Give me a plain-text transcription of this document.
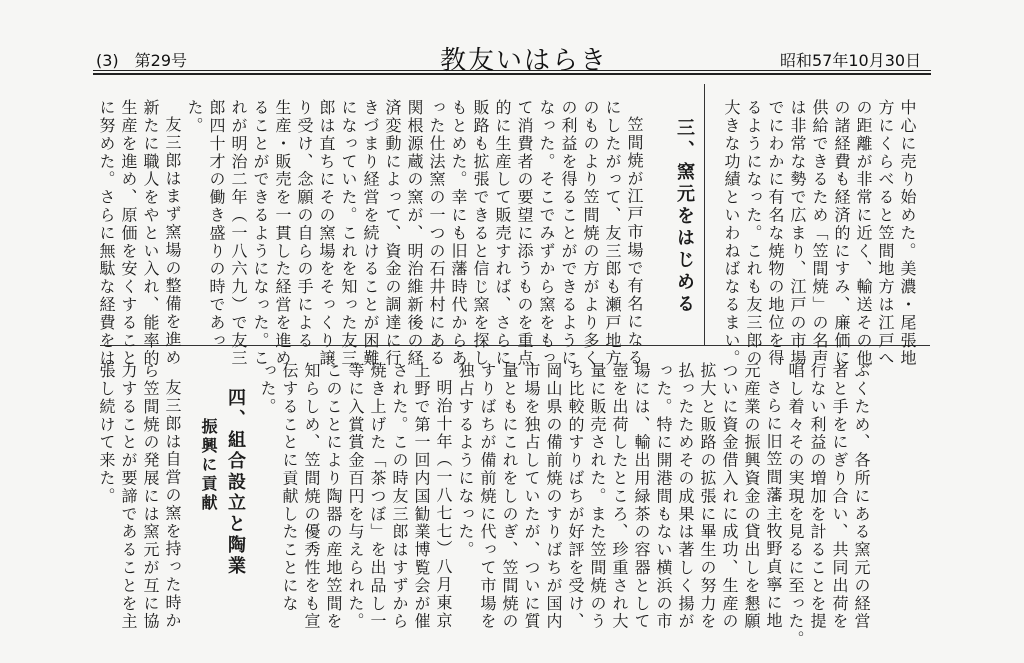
(3)　第29号	教友いはらき	昭和57年10月30日
中心に売り始めた。美濃・尾張地
方にくらべると笠間地方は江戸へ
の距離が非常に近く、輸送その他
の諸経費も経済的にすみ、廉価に
供給できるため「笠間焼」の名声
は非常な勢で広まり、江戸の市場
でにわかに有名な焼物の地位を得
るようになった。これも友三郎の
大きな功績といわねばなるまい。
三、窯元をはじめる
笠間焼が江戸市場で有名になる
にしたがって、友三郎も瀬戸地方
のものより笠間焼の方がより多く
の利益を得ることができるように
なった。そこでみずから窯をもっ
て消費者の要望に添うものを重点
的に生産して販売すれば、さらに
販路も拡張できると信じ窯を探し
もとめた。幸にも旧藩時代からあ
った仕法窯の一つの石井村にある
関根源蔵の窯が、明治維新後の経
済変動によって、資金の調達に行
きづまり経営を続けることが困難
になっていた。これを知った友三
郎は直ちにその窯場をそっくり譲
り受け、念願の自らの手による
生産・販売を一貫した経営を進め
ることができるようになった。こ
れが明治二年（一八六九）で友三
郎四十才の働き盛りの時であっ
た。
友三郎はまず窯場の整備を進め
新たに職人をやとい入れ、能率的
生産を進め、原価を安くすること
に努めた。さらに無駄な経費をは
ぶくため、各所にある窯元の経営
者と手をにぎり合い、共同出荷を
行ない利益の増加を計ることを提
唱し着々その実現を見るに至った。
さらに旧笠間藩主牧野貞寧に地
元産業の振興資金の貸出しを懇願
ついに資金借入れに成功、生産の
拡大と販路の拡張に畢生の努力を
払ったためその成果は著しく揚が
った。特に開港間もない横浜の市
場には、輸出用緑茶の容器として
壺を出荷したところ、珍重され大
量に販売された。また笠間焼のう
ち比較的すりばちが好評を受け、
岡山県の備前焼のすりばちが国内
市場を独占していたが、ついに質
量ともにこれをしのぎ、笠間焼の
すりばちが備前焼に代って市場を
独占するようになった。
明治十年（一八七七）八月東京
上野で第一回内国勧業博覧会が催
された。この時友三郎はすずから
焼き上げた「茶つぼ」を出品し一
等に入賞賞金百円を与えられた。
このことにより陶器の産地笠間を
知らしめ、笠間焼の優秀性をも宣
伝することに貢献したことにな
った。
四、組合設立と陶業
振興に貢献
友三郎は自営の窯を持った時か
ら笠間焼の発展には窯元が互に協
力することが要諦であることを主
張し続けて来た。
